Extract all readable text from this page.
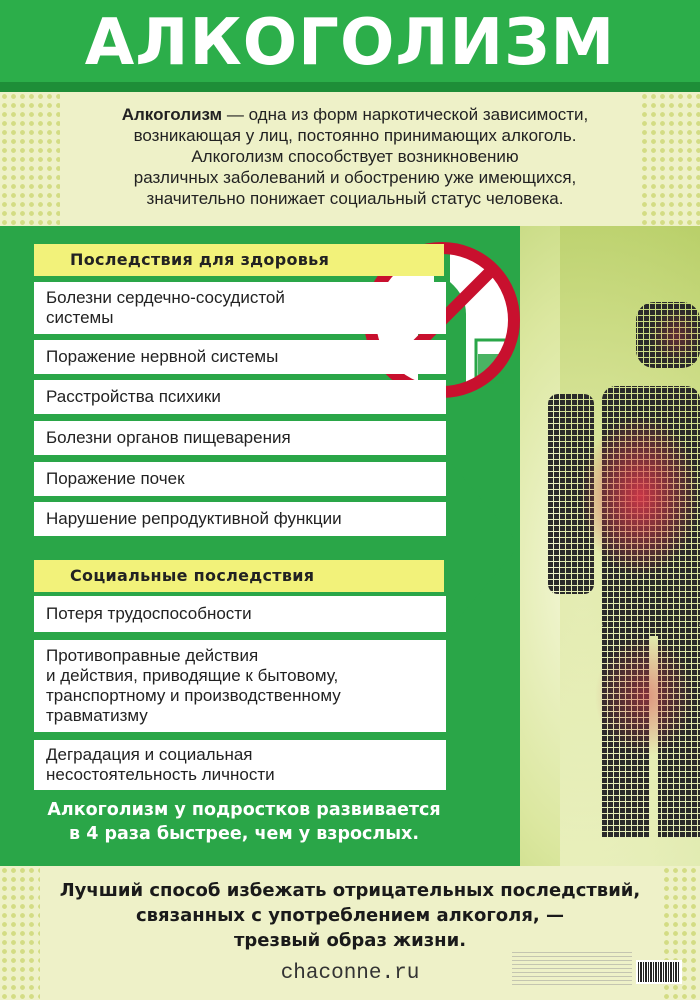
АЛКОГОЛИЗМ
Алкоголизм — одна из форм наркотической зависимости,
возникающая у лиц, постоянно принимающих алкоголь.
Алкоголизм способствует возникновению
различных заболеваний и обострению уже имеющихся,
значительно понижает социальный статус человека.
Последствия для здоровья
Болезни сердечно-сосудистой
системы
Поражение нервной системы
Расстройства психики
Болезни органов пищеварения
Поражение почек
Нарушение репродуктивной функции
Социальные последствия
Потеря трудоспособности
Противоправные действия
и действия, приводящие к бытовому,
транспортному и производственному
травматизму
Деградация и социальная
несостоятельность личности
Алкоголизм у подростков развивается
в 4 раза быстрее, чем у взрослых.
Лучший способ избежать отрицательных последствий,
связанных с употреблением алкоголя, —
трезвый образ жизни.
chaconne.ru
